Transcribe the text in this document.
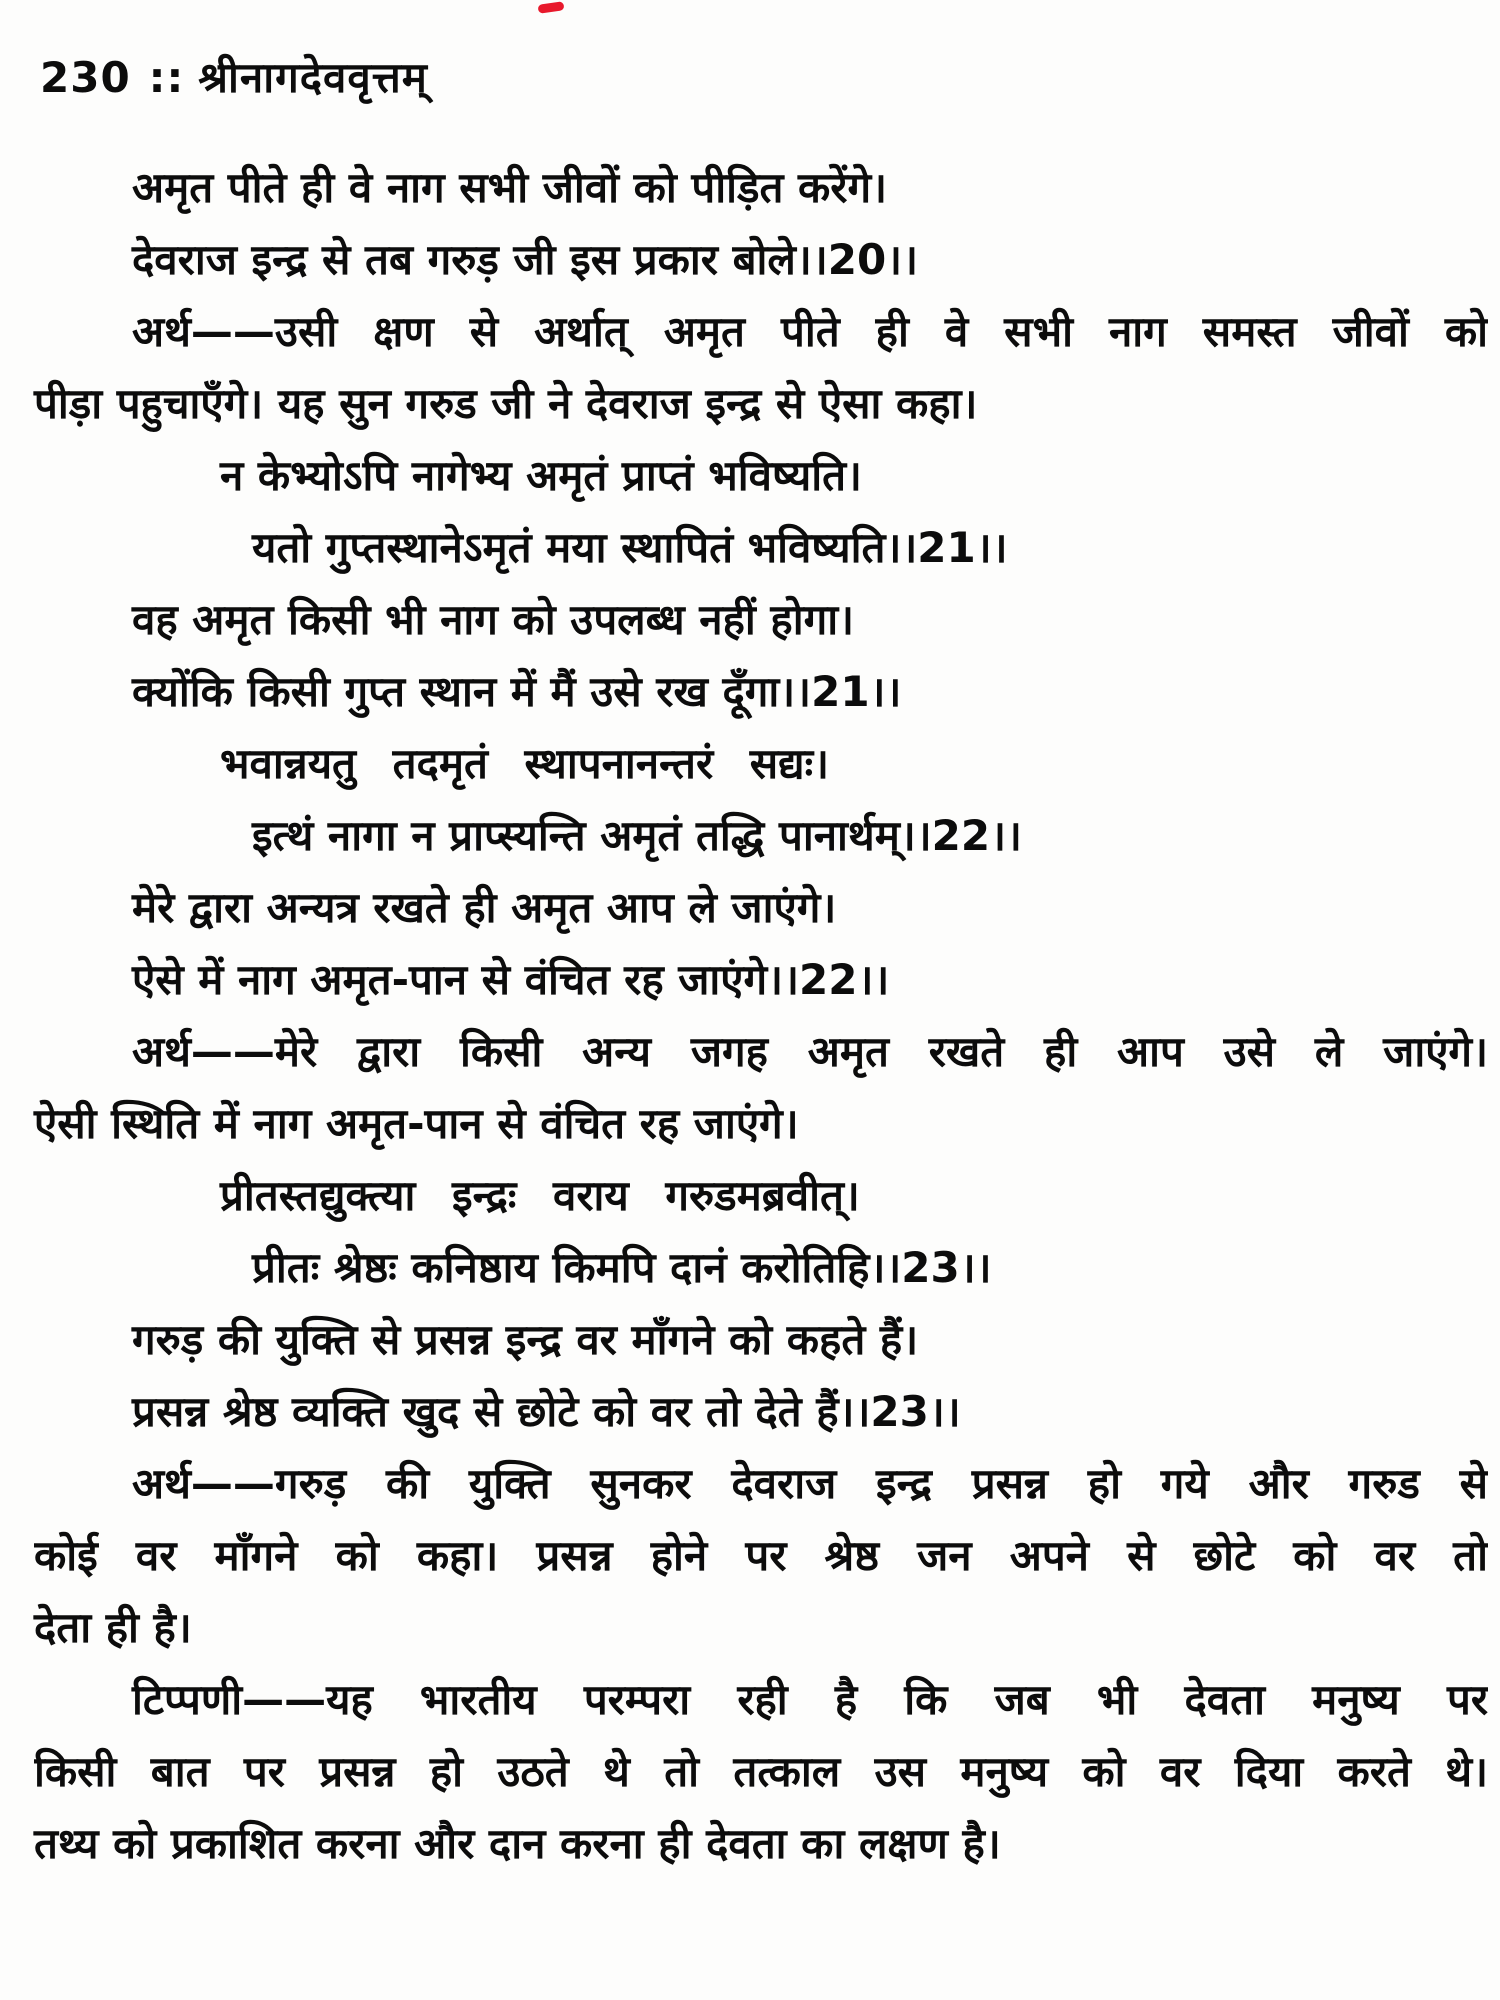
230 :: श्रीनागदेववृत्तम्
अमृत पीते ही वे नाग सभी जीवों को पीड़ित करेंगे।
देवराज इन्द्र से तब गरुड़ जी इस प्रकार बोले।।20।।
अर्थ——उसी क्षण से अर्थात् अमृत पीते ही वे सभी नाग समस्त जीवों को
पीड़ा पहुचाएँगे। यह सुन गरुड जी ने देवराज इन्द्र से ऐसा कहा।
न केभ्योऽपि नागेभ्य अमृतं प्राप्तं भविष्यति।
यतो गुप्तस्थानेऽमृतं मया स्थापितं भविष्यति।।21।।
वह अमृत किसी भी नाग को उपलब्ध नहीं होगा।
क्योंकि किसी गुप्त स्थान में मैं उसे रख दूँगा।।21।।
भवान्नयतु तदमृतं स्थापनानन्तरं सद्यः।
इत्थं नागा न प्राप्स्यन्ति अमृतं तद्धि पानार्थम्।।22।।
मेरे द्वारा अन्यत्र रखते ही अमृत आप ले जाएंगे।
ऐसे में नाग अमृत-पान से वंचित रह जाएंगे।।22।।
अर्थ——मेरे द्वारा किसी अन्य जगह अमृत रखते ही आप उसे ले जाएंगे।
ऐसी स्थिति में नाग अमृत-पान से वंचित रह जाएंगे।
प्रीतस्तद्युक्त्या इन्द्रः वराय गरुडमब्रवीत्।
प्रीतः श्रेष्ठः कनिष्ठाय किमपि दानं करोतिहि।।23।।
गरुड़ की युक्ति से प्रसन्न इन्द्र वर माँगने को कहते हैं।
प्रसन्न श्रेष्ठ व्यक्ति खुद से छोटे को वर तो देते हैं।।23।।
अर्थ——गरुड़ की युक्ति सुनकर देवराज इन्द्र प्रसन्न हो गये और गरुड से
कोई वर माँगने को कहा। प्रसन्न होने पर श्रेष्ठ जन अपने से छोटे को वर तो
देता ही है।
टिप्पणी——यह भारतीय परम्परा रही है कि जब भी देवता मनुष्य पर
किसी बात पर प्रसन्न हो उठते थे तो तत्काल उस मनुष्य को वर दिया करते थे।
तथ्य को प्रकाशित करना और दान करना ही देवता का लक्षण है।
